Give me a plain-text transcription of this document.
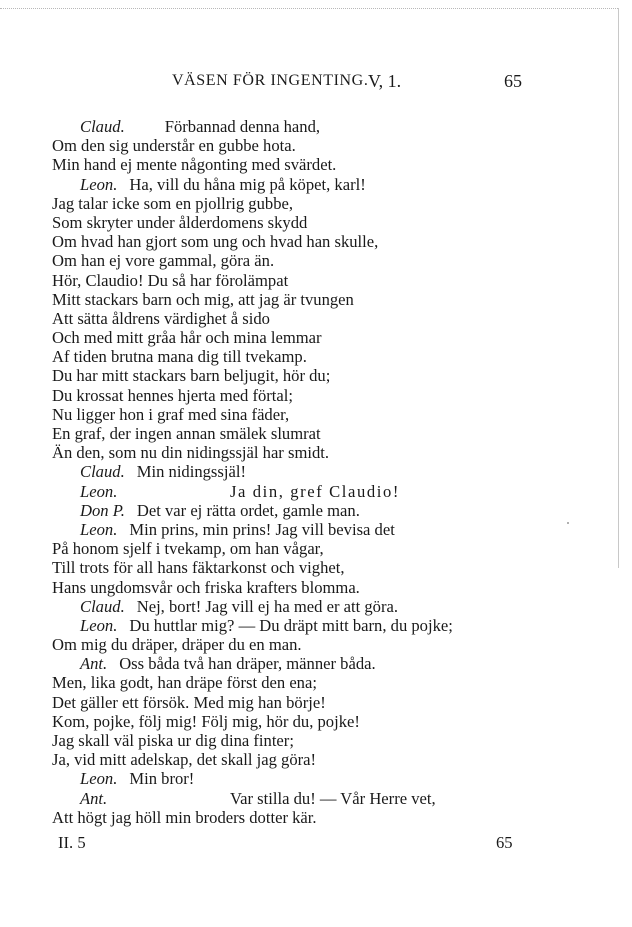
VÄSEN FÖR INGENTING. V, 1.	65
Claud. Förbannad denna hand,
Om den sig understår en gubbe hota.
Min hand ej mente någonting med svärdet.
Leon. Ha, vill du håna mig på köpet, karl!
Jag talar icke som en pjollrig gubbe,
Som skryter under ålderdomens skydd
Om hvad han gjort som ung och hvad han skulle,
Om han ej vore gammal, göra än.
Hör, Claudio! Du så har förolämpat
Mitt stackars barn och mig, att jag är tvungen
Att sätta åldrens värdighet å sido
Och med mitt gråa hår och mina lemmar
Af tiden brutna mana dig till tvekamp.
Du har mitt stackars barn beljugit, hör du;
Du krossat hennes hjerta med förtal;
Nu ligger hon i graf med sina fäder,
En graf, der ingen annan smälek slumrat
Än den, som nu din nidingssjäl har smidt.
Claud. Min nidingssjäl!
Leon.	Ja din, gref Claudio!
Don P. Det var ej rätta ordet, gamle man.
Leon. Min prins, min prins! Jag vill bevisa det
På honom sjelf i tvekamp, om han vågar,
Till trots för all hans fäktarkonst och vighet,
Hans ungdomsvår och friska krafters blomma.
Claud. Nej, bort! Jag vill ej ha med er att göra.
Leon. Du huttlar mig? — Du dräpt mitt barn, du pojke;
Om mig du dräper, dräper du en man.
Ant. Oss båda två han dräper, männer båda.
Men, lika godt, han dräpe först den ena;
Det gäller ett försök. Med mig han börje!
Kom, pojke, följ mig! Följ mig, hör du, pojke!
Jag skall väl piska ur dig dina finter;
Ja, vid mitt adelskap, det skall jag göra!
Leon. Min bror!
Ant.	Var stilla du! — Vår Herre vet,
Att högt jag höll min broders dotter kär.
II. 5	65
